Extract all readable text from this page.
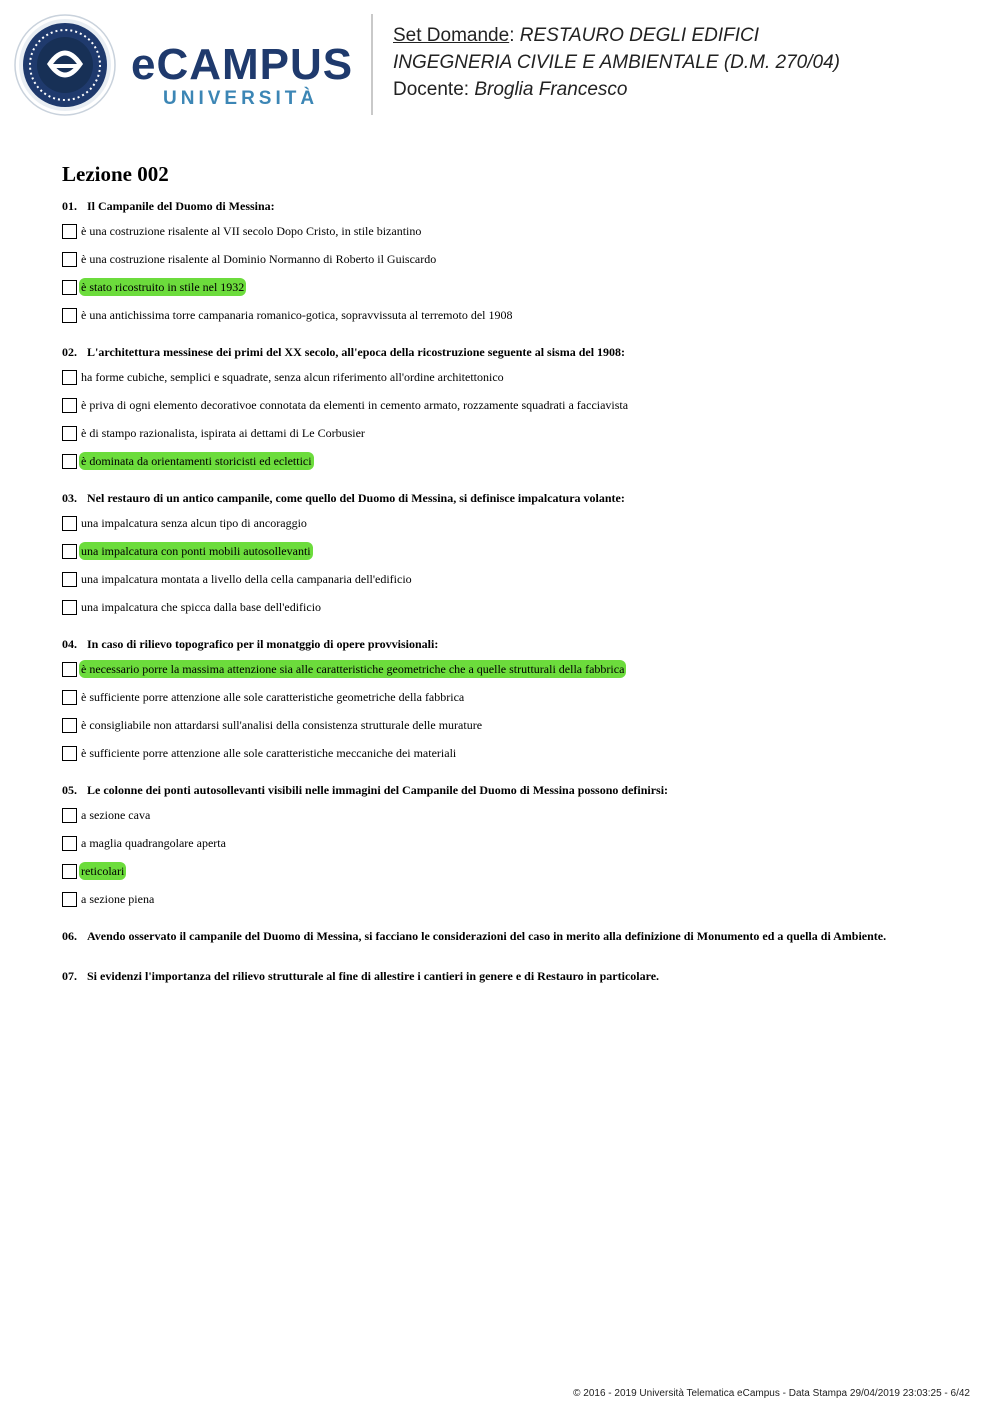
eCAMPUS
UNIVERSITÀ
Set Domande: RESTAURO DEGLI EDIFICI
INGEGNERIA CIVILE E AMBIENTALE (D.M. 270/04)
Docente: Broglia Francesco
Lezione 002
01. Il Campanile del Duomo di Messina:
è una costruzione risalente al VII secolo Dopo Cristo, in stile bizantino
è una costruzione risalente al Dominio Normanno di Roberto il Guiscardo
è stato ricostruito in stile nel 1932
è una antichissima torre campanaria romanico-gotica, sopravvissuta al terremoto del 1908
02. L'architettura messinese dei primi del XX secolo, all'epoca della ricostruzione seguente al sisma del 1908:
ha forme cubiche, semplici e squadrate, senza alcun riferimento all'ordine architettonico
è priva di ogni elemento decorativoe connotata da elementi in cemento armato, rozzamente squadrati a facciavista
è di stampo razionalista, ispirata ai dettami di Le Corbusier
è dominata da orientamenti storicisti ed eclettici
03. Nel restauro di un antico campanile, come quello del Duomo di Messina, si definisce impalcatura volante:
una impalcatura senza alcun tipo di ancoraggio
una impalcatura con ponti mobili autosollevanti
una impalcatura montata a livello della cella campanaria dell'edificio
una impalcatura che spicca dalla base dell'edificio
04. In caso di rilievo topografico per il monatggio di opere provvisionali:
è necessario porre la massima attenzione sia alle caratteristiche geometriche che a quelle strutturali della fabbrica
è sufficiente porre attenzione alle sole caratteristiche geometriche della fabbrica
è consigliabile non attardarsi sull'analisi della consistenza strutturale delle murature
è sufficiente porre attenzione alle sole caratteristiche meccaniche dei materiali
05. Le colonne dei ponti autosollevanti visibili nelle immagini del Campanile del Duomo di Messina possono definirsi:
a sezione cava
a maglia quadrangolare aperta
reticolari
a sezione piena
06. Avendo osservato il campanile del Duomo di Messina, si facciano le considerazioni del caso in merito alla definizione di Monumento ed a quella di Ambiente.
07. Si evidenzi l'importanza del rilievo strutturale al fine di allestire i cantieri in genere e di Restauro in particolare.
© 2016 - 2019 Università Telematica eCampus - Data Stampa 29/04/2019 23:03:25 - 6/42
